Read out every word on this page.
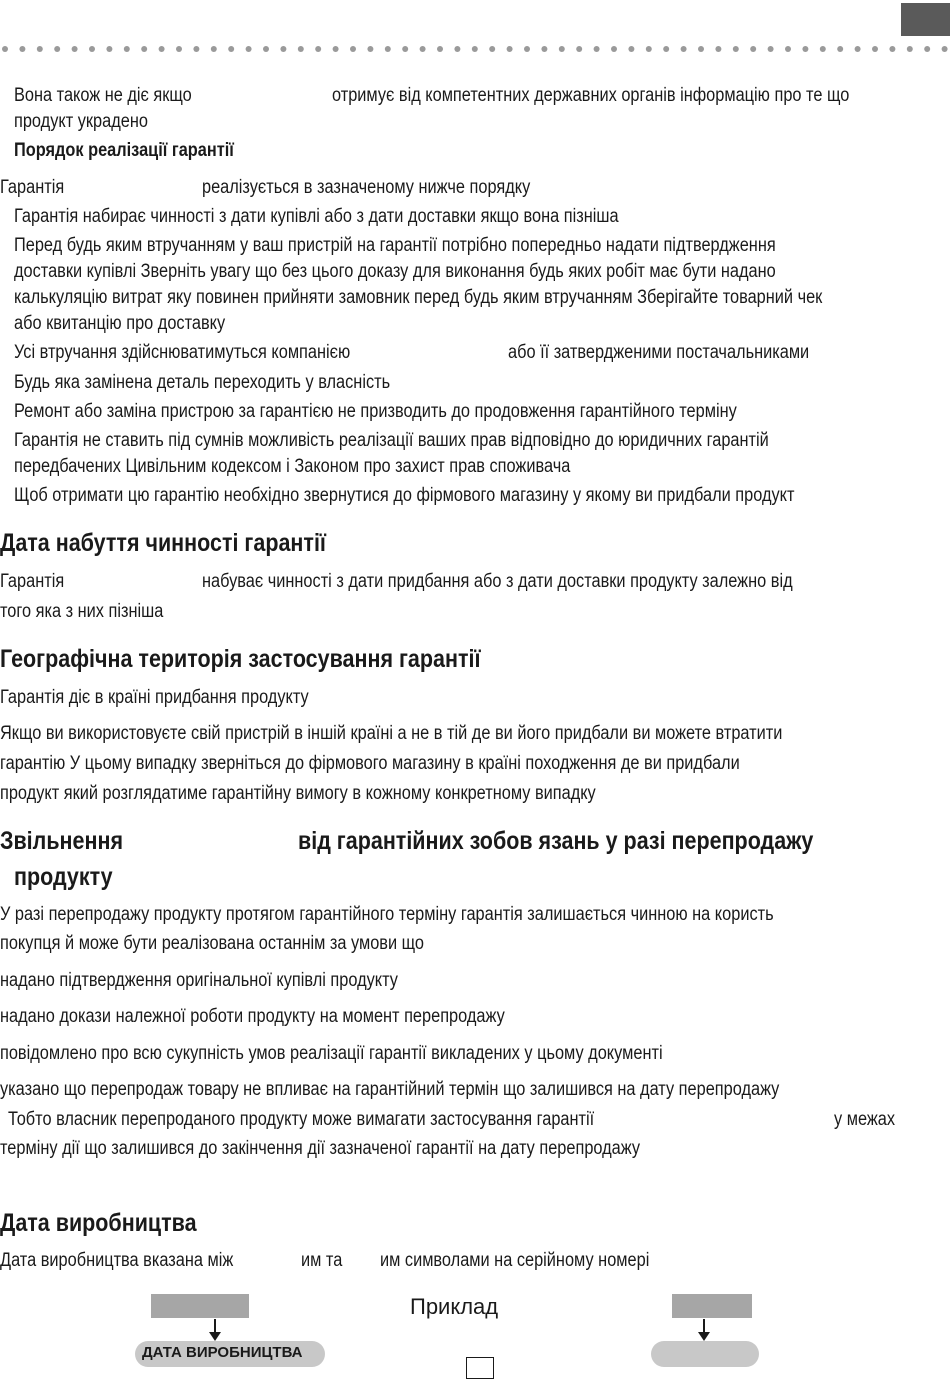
Вона також не діє якщо	отримує від компетентних державних органів інформацію про те що
продукт украдено
Порядок реалізації гарантії
Гарантія	реалізується в зазначеному нижче порядку
Гарантія набирає чинності з дати купівлі або з дати доставки якщо вона пізніша
Перед будь яким втручанням у ваш пристрій на гарантії потрібно попередньо надати підтвердження
доставки купівлі Зверніть увагу що без цього доказу для виконання будь яких робіт має бути надано
калькуляцію витрат яку повинен прийняти замовник перед будь яким втручанням Зберігайте товарний чек
або квитанцію про доставку
Усі втручання здійснюватимуться компанією	або її затвердженими постачальниками
Будь яка замінена деталь переходить у власність
Ремонт або заміна пристрою за гарантією не призводить до продовження гарантійного терміну
Гарантія не ставить під сумнів можливість реалізації ваших прав відповідно до юридичних гарантій
передбачених Цивільним кодексом і Законом про захист прав споживача
Щоб отримати цю гарантію необхідно звернутися до фірмового магазину у якому ви придбали продукт
Дата набуття чинності гарантії
Гарантія	набуває чинності з дати придбання або з дати доставки продукту залежно від
того яка з них пізніша
Географічна територія застосування гарантії
Гарантія діє в країні придбання продукту
Якщо ви використовуєте свій пристрій в іншій країні а не в тій де ви його придбали ви можете втратити
гарантію У цьому випадку зверніться до фірмового магазину в країні походження де ви придбали
продукт який розглядатиме гарантійну вимогу в кожному конкретному випадку
Звільнення	від гарантійних зобов язань у разі перепродажу
продукту
У разі перепродажу продукту протягом гарантійного терміну гарантія залишається чинною на користь
покупця й може бути реалізована останнім за умови що
надано підтвердження оригінальної купівлі продукту
надано докази належної роботи продукту на момент перепродажу
повідомлено про всю сукупність умов реалізації гарантії викладених у цьому документі
указано що перепродаж товару не впливає на гарантійний термін що залишився на дату перепродажу
Тобто власник перепроданого продукту може вимагати застосування гарантії	у межах
терміну дії що залишився до закінчення дії зазначеної гарантії на дату перепродажу
Дата виробництва
Дата виробництва вказана між	им та им символами на серійному номері
ДАТА ВИРОБНИЦТВА
Приклад
